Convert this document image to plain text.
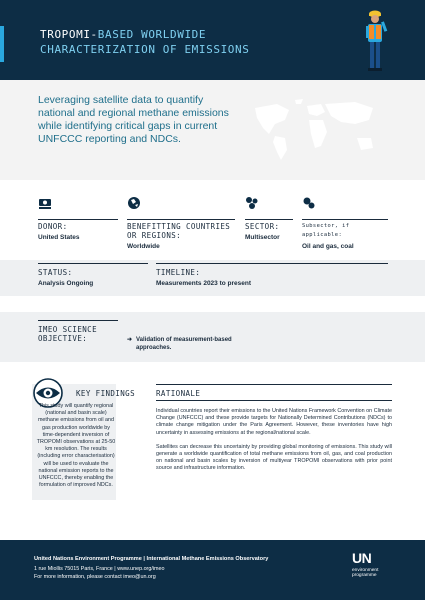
TROPOMI-BASED WORLDWIDE
CHARACTERIZATION OF EMISSIONS
Leveraging satellite data to quantify national and regional methane emissions while identifying critical gaps in current UNFCCC reporting and NDCs.
DONOR:
United States
BENEFITTING COUNTRIES OR REGIONS:
Worldwide
SECTOR:
Multisector
Subsector, if applicable:
Oil and gas, coal
STATUS:
Analysis Ongoing
TIMELINE:
Measurements 2023 to present
IMEO SCIENCE OBJECTIVE:	➜ Validation of measurement-based approaches.
KEY FINDINGS
This study will quantify regional (national and basin scale) methane emissions from oil and gas production worldwide by time-dependent inversion of TROPOMI observations at 25-50 km resolution. The results (including error characterisation) will be used to evaluate the national emission reports to the UNFCCC, thereby enabling the formulation of improved NDCs.
RATIONALE

Individual countries report their emissions to the United Nations Framework Convention on Climate Change (UNFCCC) and these provide targets for Nationally Determined Contributions (NDCs) to climate change mitigation under the Paris Agreement. However, these inventories have high uncertainty in assessing emissions at the regional/national scale.

Satellites can decrease this uncertainty by providing global monitoring of emissions. This study will generate a worldwide quantification of total methane emissions from oil, gas, and coal production on national and basin scales by inversion of multiyear TROPOMI observations with prior point source and infrastructure information.

United Nations Environment Programme | International Methane Emissions Observatory
1 rue Miollis 75015 Paris, France | www.unep.org/imeo
For more information, please contact imeo@un.org
UN
environment
programme
